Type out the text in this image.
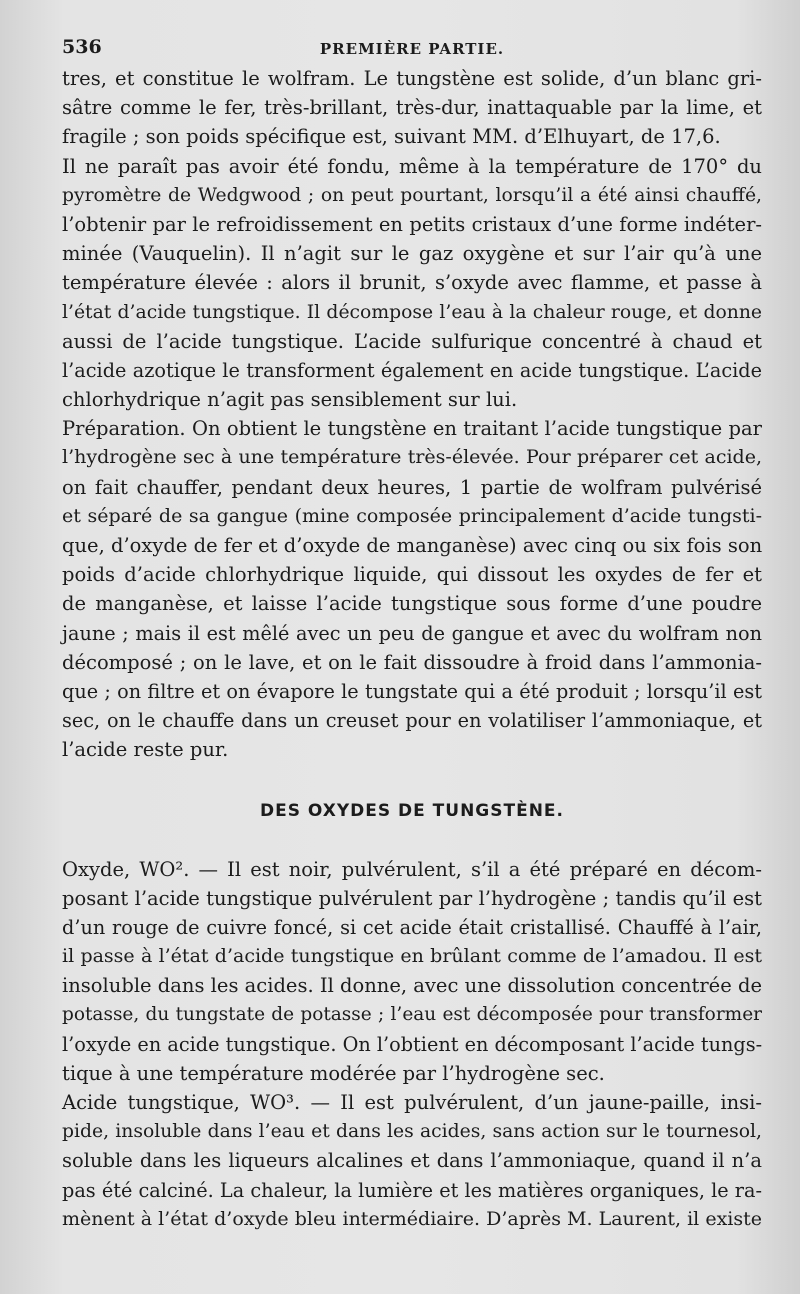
536	PREMIÈRE PARTIE.
tres, et constitue le wolfram. Le tungstène est solide, d’un blanc gri-
sâtre comme le fer, très-brillant, très-dur, inattaquable par la lime, et
fragile ; son poids spécifique est, suivant MM. d’Elhuyart, de 17,6.
Il ne paraît pas avoir été fondu, même à la température de 170° du
pyromètre de Wedgwood ; on peut pourtant, lorsqu’il a été ainsi chauffé,
l’obtenir par le refroidissement en petits cristaux d’une forme indéter-
minée (Vauquelin). Il n’agit sur le gaz oxygène et sur l’air qu’à une
température élevée : alors il brunit, s’oxyde avec flamme, et passe à
l’état d’acide tungstique. Il décompose l’eau à la chaleur rouge, et donne
aussi de l’acide tungstique. L’acide sulfurique concentré à chaud et
l’acide azotique le transforment également en acide tungstique. L’acide
chlorhydrique n’agit pas sensiblement sur lui.
Préparation. On obtient le tungstène en traitant l’acide tungstique par
l’hydrogène sec à une température très-élevée. Pour préparer cet acide,
on fait chauffer, pendant deux heures, 1 partie de wolfram pulvérisé
et séparé de sa gangue (mine composée principalement d’acide tungsti-
que, d’oxyde de fer et d’oxyde de manganèse) avec cinq ou six fois son
poids d’acide chlorhydrique liquide, qui dissout les oxydes de fer et
de manganèse, et laisse l’acide tungstique sous forme d’une poudre
jaune ; mais il est mêlé avec un peu de gangue et avec du wolfram non
décomposé ; on le lave, et on le fait dissoudre à froid dans l’ammonia-
que ; on filtre et on évapore le tungstate qui a été produit ; lorsqu’il est
sec, on le chauffe dans un creuset pour en volatiliser l’ammoniaque, et
l’acide reste pur.
DES OXYDES DE TUNGSTÈNE.
Oxyde, WO². — Il est noir, pulvérulent, s’il a été préparé en décom-
posant l’acide tungstique pulvérulent par l’hydrogène ; tandis qu’il est
d’un rouge de cuivre foncé, si cet acide était cristallisé. Chauffé à l’air,
il passe à l’état d’acide tungstique en brûlant comme de l’amadou. Il est
insoluble dans les acides. Il donne, avec une dissolution concentrée de
potasse, du tungstate de potasse ; l’eau est décomposée pour transformer
l’oxyde en acide tungstique. On l’obtient en décomposant l’acide tungs-
tique à une température modérée par l’hydrogène sec.
Acide tungstique, WO³. — Il est pulvérulent, d’un jaune-paille, insi-
pide, insoluble dans l’eau et dans les acides, sans action sur le tournesol,
soluble dans les liqueurs alcalines et dans l’ammoniaque, quand il n’a
pas été calciné. La chaleur, la lumière et les matières organiques, le ra-
mènent à l’état d’oxyde bleu intermédiaire. D’après M. Laurent, il existe
